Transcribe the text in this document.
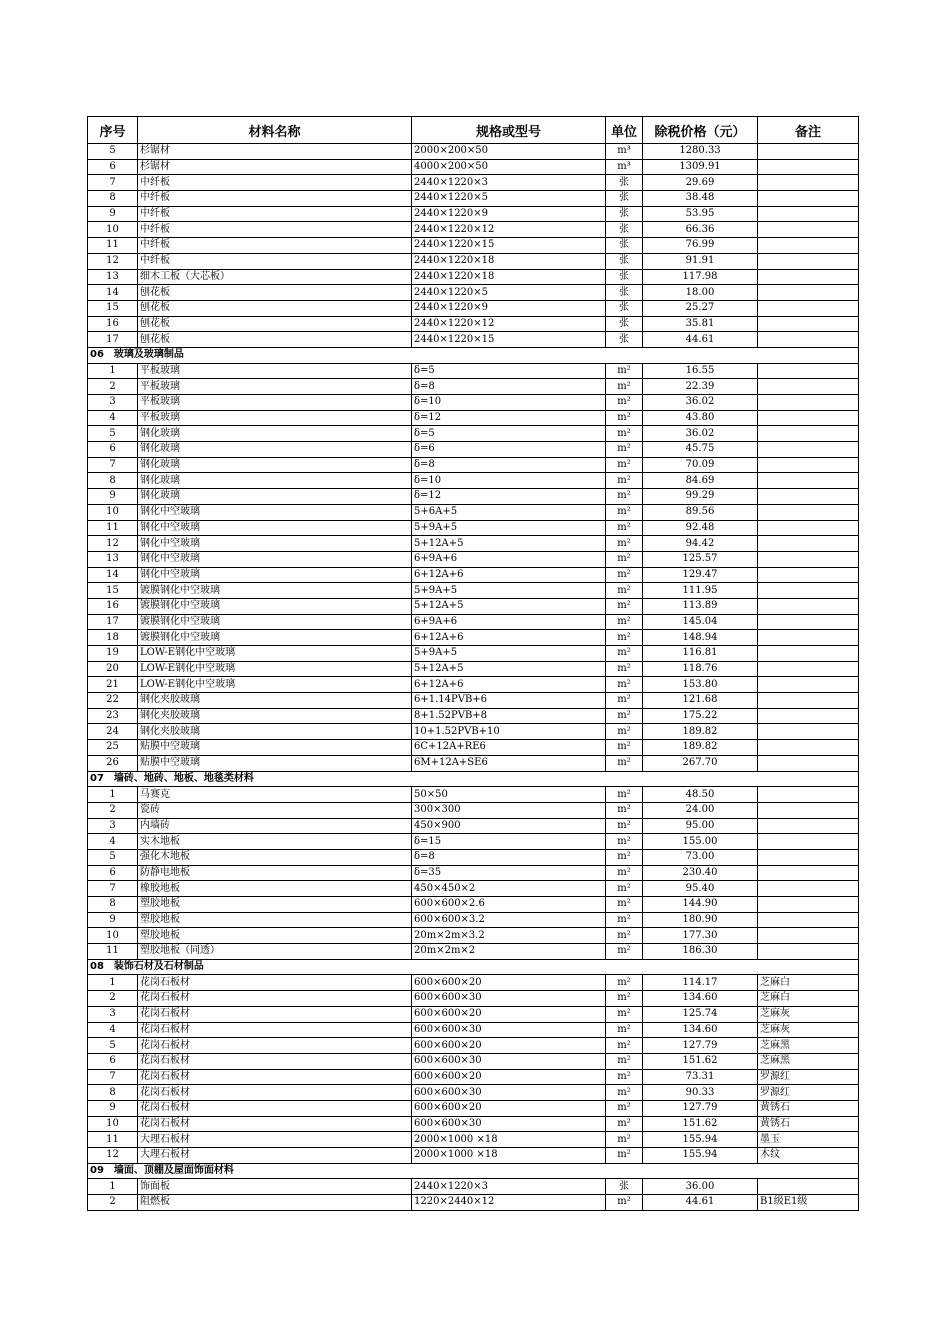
序号	材料名称	规格或型号	单位	除税价格（元）	备注
5	杉锯材	2000×200×50	m³	1280.33	
6	杉锯材	4000×200×50	m³	1309.91	
7	中纤板	2440×1220×3	张	29.69	
8	中纤板	2440×1220×5	张	38.48	
9	中纤板	2440×1220×9	张	53.95	
10	中纤板	2440×1220×12	张	66.36	
11	中纤板	2440×1220×15	张	76.99	
12	中纤板	2440×1220×18	张	91.91	
13	细木工板（大芯板）	2440×1220×18	张	117.98	
14	刨花板	2440×1220×5	张	18.00	
15	刨花板	2440×1220×9	张	25.27	
16	刨花板	2440×1220×12	张	35.81	
17	刨花板	2440×1220×15	张	44.61	
06　玻璃及玻璃制品					
1	平板玻璃	δ=5	m²	16.55	
2	平板玻璃	δ=8	m²	22.39	
3	平板玻璃	δ=10	m²	36.02	
4	平板玻璃	δ=12	m²	43.80	
5	钢化玻璃	δ=5	m²	36.02	
6	钢化玻璃	δ=6	m²	45.75	
7	钢化玻璃	δ=8	m²	70.09	
8	钢化玻璃	δ=10	m²	84.69	
9	钢化玻璃	δ=12	m²	99.29	
10	钢化中空玻璃	5+6A+5	m²	89.56	
11	钢化中空玻璃	5+9A+5	m²	92.48	
12	钢化中空玻璃	5+12A+5	m²	94.42	
13	钢化中空玻璃	6+9A+6	m²	125.57	
14	钢化中空玻璃	6+12A+6	m²	129.47	
15	镀膜钢化中空玻璃	5+9A+5	m²	111.95	
16	镀膜钢化中空玻璃	5+12A+5	m²	113.89	
17	镀膜钢化中空玻璃	6+9A+6	m²	145.04	
18	镀膜钢化中空玻璃	6+12A+6	m²	148.94	
19	LOW-E钢化中空玻璃	5+9A+5	m²	116.81	
20	LOW-E钢化中空玻璃	5+12A+5	m²	118.76	
21	LOW-E钢化中空玻璃	6+12A+6	m²	153.80	
22	钢化夹胶玻璃	6+1.14PVB+6	m²	121.68	
23	钢化夹胶玻璃	8+1.52PVB+8	m²	175.22	
24	钢化夹胶玻璃	10+1.52PVB+10	m²	189.82	
25	贴膜中空玻璃	6C+12A+RE6	m²	189.82	
26	贴膜中空玻璃	6M+12A+SE6	m²	267.70	
07　墙砖、地砖、地板、地毯类材料					
1	马赛克	50×50	m²	48.50	
2	瓷砖	300×300	m²	24.00	
3	内墙砖	450×900	m²	95.00	
4	实木地板	δ=15	m²	155.00	
5	强化木地板	δ=8	m²	73.00	
6	防静电地板	δ=35	m²	230.40	
7	橡胶地板	450×450×2	m²	95.40	
8	塑胶地板	600×600×2.6	m²	144.90	
9	塑胶地板	600×600×3.2	m²	180.90	
10	塑胶地板	20m×2m×3.2	m²	177.30	
11	塑胶地板（同透）	20m×2m×2	m²	186.30	
08　装饰石材及石材制品					
1	花岗石板材	600×600×20	m²	114.17	芝麻白
2	花岗石板材	600×600×30	m²	134.60	芝麻白
3	花岗石板材	600×600×20	m²	125.74	芝麻灰
4	花岗石板材	600×600×30	m²	134.60	芝麻灰
5	花岗石板材	600×600×20	m²	127.79	芝麻黑
6	花岗石板材	600×600×30	m²	151.62	芝麻黑
7	花岗石板材	600×600×20	m²	73.31	罗源红
8	花岗石板材	600×600×30	m²	90.33	罗源红
9	花岗石板材	600×600×20	m²	127.79	黄锈石
10	花岗石板材	600×600×30	m²	151.62	黄锈石
11	大理石板材	2000×1000 ×18	m²	155.94	墨玉
12	大理石板材	2000×1000 ×18	m²	155.94	木纹
09　墙面、顶棚及屋面饰面材料					
1	饰面板	2440×1220×3	张	36.00	
2	阻燃板	1220×2440×12	m²	44.61	B1级E1级
